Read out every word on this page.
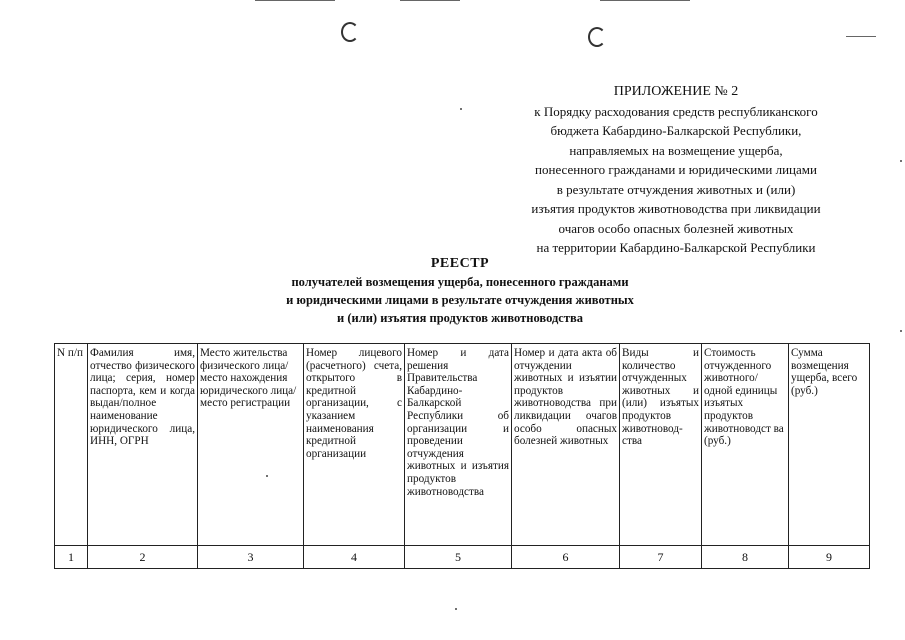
ПРИЛОЖЕНИЕ № 2
к Порядку расходования средств республиканского
бюджета Кабардино-Балкарской Республики,
направляемых на возмещение ущерба,
понесенного гражданами и юридическими лицами
в результате отчуждения животных и (или)
изъятия продуктов животноводства при ликвидации
очагов особо опасных болезней животных
на территории Кабардино-Балкарской Республики
РЕЕСТР
получателей возмещения ущерба, понесенного гражданами
и юридическими лицами в результате отчуждения животных
и (или) изъятия продуктов животноводства
N п/п	Фамилия имя, отчество физического лица; серия, номер паспорта, кем и когда выдан/полное наименование юридического лица, ИНН, ОГРН	Место жительства физического лица/место нахождения юридического лица/место регистрации	Номер лицевого (расчетного) счета, открытого в кредитной организации, с указанием наименования кредитной организации	Номер и дата решения Правительства Кабардино-Балкарской Республики об организации и проведении отчуждения животных и изъятия продуктов животноводства	Номер и дата акта об отчуждении животных и изъятии продуктов животноводства при ликвидации очагов особо опасных болезней животных	Виды и количество отчужденных животных и (или) изъятых продуктов животновод-ства	Стоимость отчужденного животного/ одной единицы изъятых продуктов животноводст ва (руб.)	Сумма возмещения ущерба, всего (руб.)
1	2	3	4	5	6	7	8	9
